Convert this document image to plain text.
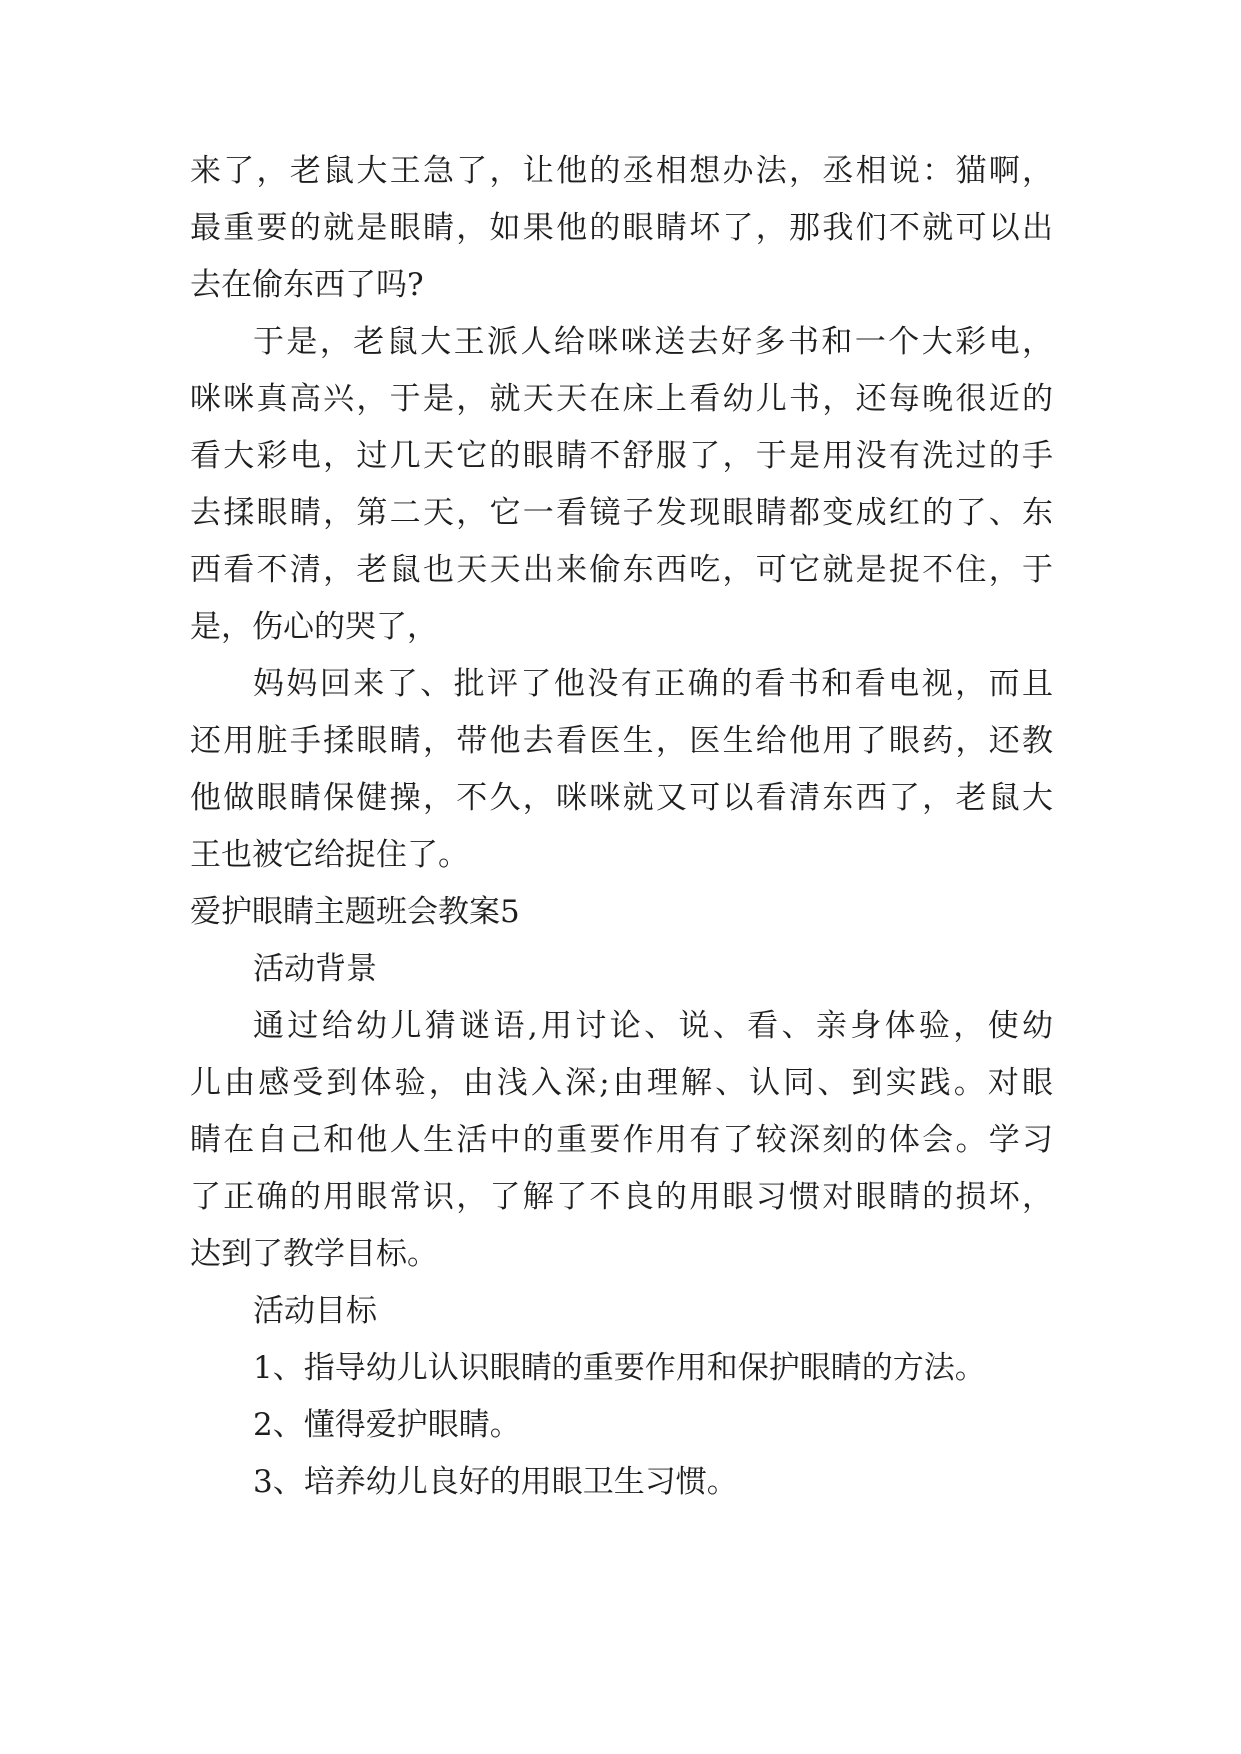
来了，老鼠大王急了，让他的丞相想办法，丞相说：猫啊，
最重要的就是眼睛，如果他的眼睛坏了，那我们不就可以出
去在偷东西了吗?
于是，老鼠大王派人给咪咪送去好多书和一个大彩电，
咪咪真高兴，于是，就天天在床上看幼儿书，还每晚很近的
看大彩电，过几天它的眼睛不舒服了，于是用没有洗过的手
去揉眼睛，第二天，它一看镜子发现眼睛都变成红的了、东
西看不清，老鼠也天天出来偷东西吃，可它就是捉不住，于
是，伤心的哭了，
妈妈回来了、批评了他没有正确的看书和看电视，而且
还用脏手揉眼睛，带他去看医生，医生给他用了眼药，还教
他做眼睛保健操，不久，咪咪就又可以看清东西了，老鼠大
王也被它给捉住了。
爱护眼睛主题班会教案5
活动背景
通过给幼儿猜谜语,用讨论、说、看、亲身体验，使幼
儿由感受到体验，由浅入深;由理解、认同、到实践。对眼
睛在自己和他人生活中的重要作用有了较深刻的体会。学习
了正确的用眼常识，了解了不良的用眼习惯对眼睛的损坏，
达到了教学目标。
活动目标
1、指导幼儿认识眼睛的重要作用和保护眼睛的方法。
2、懂得爱护眼睛。
3、培养幼儿良好的用眼卫生习惯。
